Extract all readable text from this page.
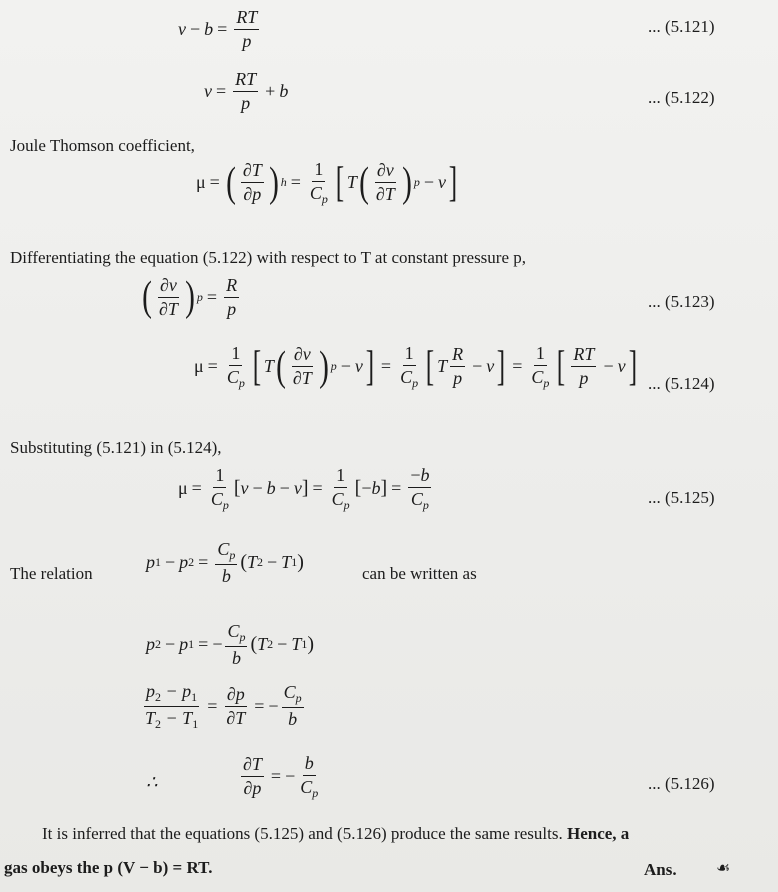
$v - b = \frac{RT}{p}$	... (5.121)
$v = \frac{RT}{p} + b$	... (5.122)
Joule Thomson coefficient,
μ = ( $\frac{\partial T}{\partial p}$ ) $h = \frac{1}{C_p}$ [ T ( $\frac{\partial v}{\partial T}$ ) p − v ]
Differentiating the equation (5.122) with respect to T at constant pressure p,
( $\frac{\partial v}{\partial T}$ ) $p = \frac{R}{p}$	... (5.123)
$\mu = \frac{1}{C_p}$ [ T ( $\frac{\partial v}{\partial T}$ ) p − v ] = $\frac{1}{C_p}$ [ T $\frac{R}{p} - v$ ] = $\frac{1}{C_p}$ [ $\frac{RT}{p} - v$ ] ... (5.124)
Substituting (5.121) in (5.124),
$\mu = \frac{1}{C_p}$ [ v − b − v ] = $\frac{1}{C_p}$ [ − b ] = $\frac{-b}{C_p}$	... (5.125)
The relation
p 1 − p $2 = \frac{C_p}{b}$ ( T 2 − T 1 )
can be written as
p 2 − p 1 = − $\frac{C_p}{b}$ ( T 2 − T 1 )
$\frac{p_2 - p_1}{T_2 - T_1} = \frac{\partial p}{\partial T}$ = − $\frac{C_p}{b}$
∴	$\frac{\partial T}{\partial p}$ = − $\frac{b}{C_p}$	... (5.126)
It is inferred that the equations (5.125) and (5.126) produce the same results. Hence, a
gas obeys the p (V − b) = RT.	Ans. ☙
